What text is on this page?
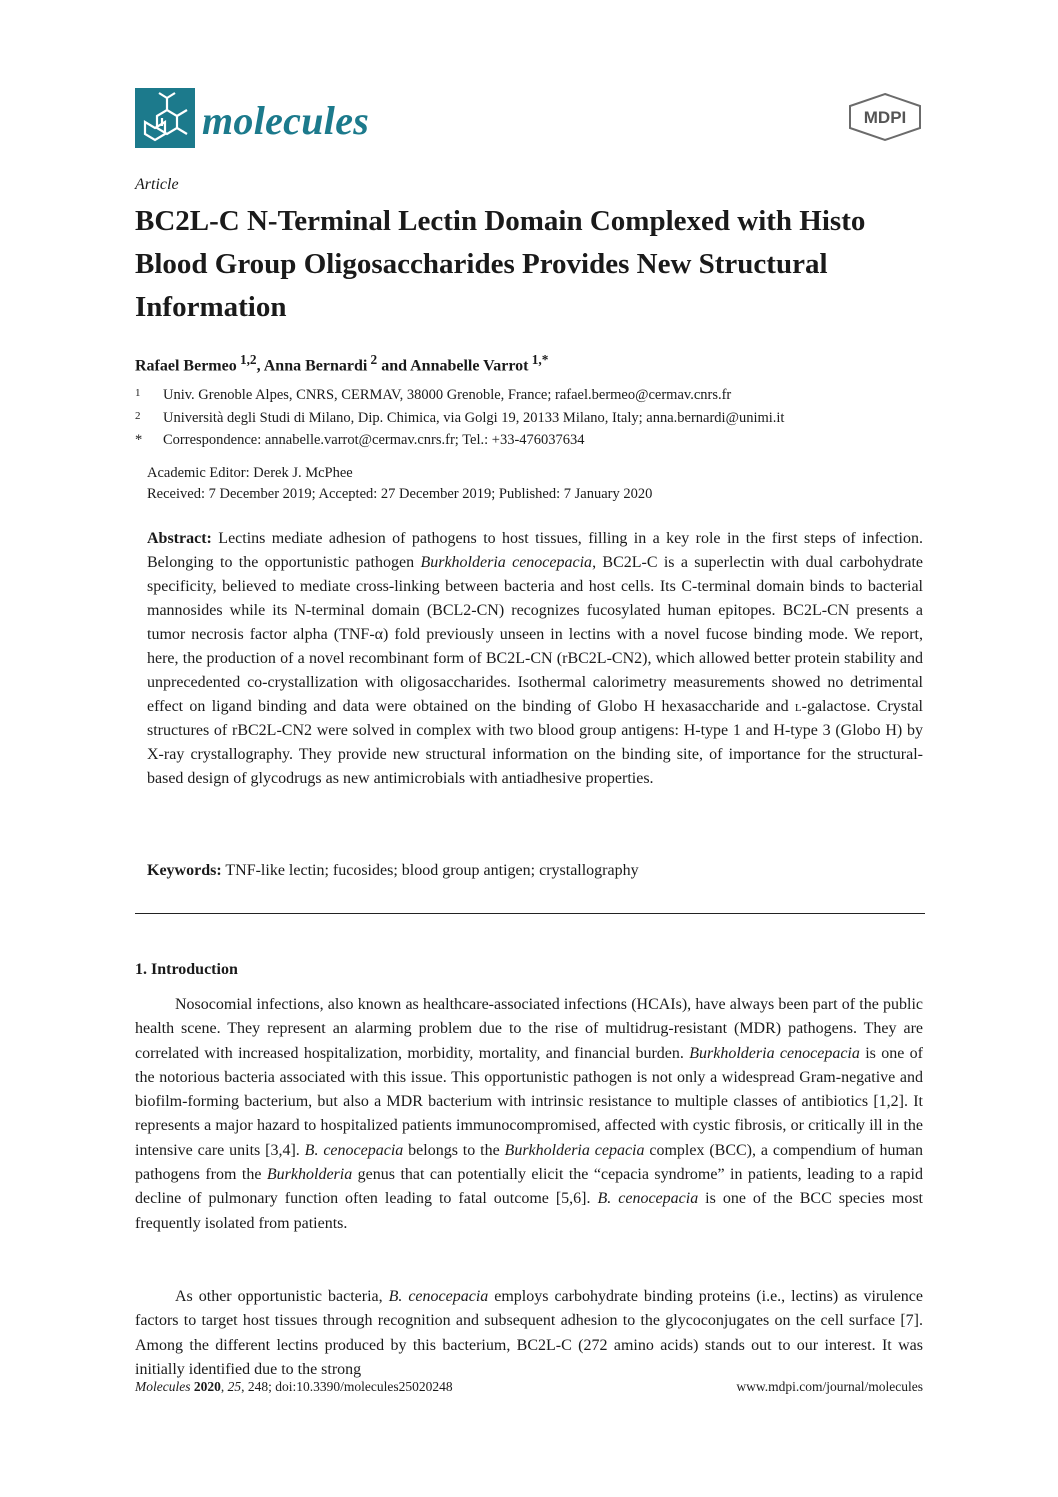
molecules	MDPI
Article
BC2L-C N-Terminal Lectin Domain Complexed with Histo Blood Group Oligosaccharides Provides New Structural Information
Rafael Bermeo  $^{1,2}$, Anna Bernardi  $^2$ and Annabelle Varrot  $^{1,*}$
1 Univ. Grenoble Alpes, CNRS, CERMAV, 38000 Grenoble, France; rafael.bermeo@cermav.cnrs.fr
2 Università degli Studi di Milano, Dip. Chimica, via Golgi 19, 20133 Milano, Italy; anna.bernardi@unimi.it
* Correspondence: annabelle.varrot@cermav.cnrs.fr; Tel.: +33-476037634
Academic Editor: Derek J. McPhee
Received: 7 December 2019; Accepted: 27 December 2019; Published: 7 January 2020
Abstract: Lectins mediate adhesion of pathogens to host tissues, filling in a key role in the first steps of infection. Belonging to the opportunistic pathogen Burkholderia cenocepacia, BC2L-C is a superlectin with dual carbohydrate specificity, believed to mediate cross-linking between bacteria and host cells. Its C-terminal domain binds to bacterial mannosides while its N-terminal domain (BCL2-CN) recognizes fucosylated human epitopes. BC2L-CN presents a tumor necrosis factor alpha (TNF-α) fold previously unseen in lectins with a novel fucose binding mode. We report, here, the production of a novel recombinant form of BC2L-CN (rBC2L-CN2), which allowed better protein stability and unprecedented co-crystallization with oligosaccharides. Isothermal calorimetry measurements showed no detrimental effect on ligand binding and data were obtained on the binding of Globo H hexasaccharide and l-galactose. Crystal structures of rBC2L-CN2 were solved in complex with two blood group antigens: H-type 1 and H-type 3 (Globo H) by X-ray crystallography. They provide new structural information on the binding site, of importance for the structural-based design of glycodrugs as new antimicrobials with antiadhesive properties.
Keywords: TNF-like lectin; fucosides; blood group antigen; crystallography
1. Introduction
Nosocomial infections, also known as healthcare-associated infections (HCAIs), have always been part of the public health scene. They represent an alarming problem due to the rise of multidrug-resistant (MDR) pathogens. They are correlated with increased hospitalization, morbidity, mortality, and financial burden. Burkholderia cenocepacia is one of the notorious bacteria associated with this issue. This opportunistic pathogen is not only a widespread Gram-negative and biofilm-forming bacterium, but also a MDR bacterium with intrinsic resistance to multiple classes of antibiotics [1,2]. It represents a major hazard to hospitalized patients immunocompromised, affected with cystic fibrosis, or critically ill in the intensive care units [3,4]. B. cenocepacia belongs to the Burkholderia cepacia complex (BCC), a compendium of human pathogens from the Burkholderia genus that can potentially elicit the “cepacia syndrome” in patients, leading to a rapid decline of pulmonary function often leading to fatal outcome [5,6]. B. cenocepacia is one of the BCC species most frequently isolated from patients.
As other opportunistic bacteria, B. cenocepacia employs carbohydrate binding proteins (i.e., lectins) as virulence factors to target host tissues through recognition and subsequent adhesion to the glycoconjugates on the cell surface [7]. Among the different lectins produced by this bacterium, BC2L-C (272 amino acids) stands out to our interest. It was initially identified due to the strong
Molecules 2020, 25, 248; doi:10.3390/molecules25020248	www.mdpi.com/journal/molecules
